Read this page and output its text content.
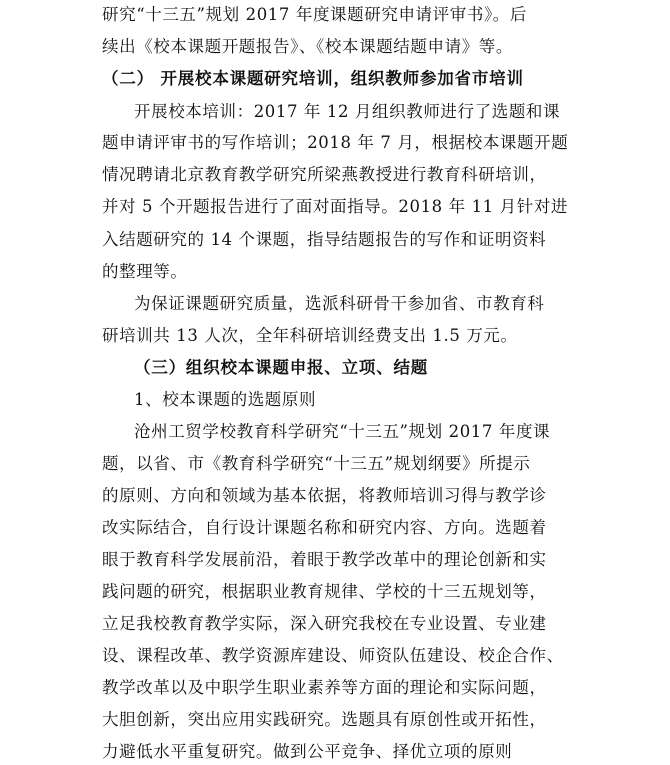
研究“十三五”规划 2017 年度课题研究申请评审书》。后
续出《校本课题开题报告》、《校本课题结题申请》等。
（二） 开展校本课题研究培训，组织教师参加省市培训
开展校本培训：2017 年 12 月组织教师进行了选题和课
题申请评审书的写作培训；2018 年 7 月，根据校本课题开题
情况聘请北京教育教学研究所梁燕教授进行教育科研培训，
并对 5 个开题报告进行了面对面指导。2018 年 11 月针对进
入结题研究的 14 个课题，指导结题报告的写作和证明资料
的整理等。
为保证课题研究质量，选派科研骨干参加省、市教育科
研培训共 13 人次，全年科研培训经费支出 1.5 万元。
（三）组织校本课题申报、立项、结题
1、校本课题的选题原则
沧州工贸学校教育科学研究“十三五”规划 2017 年度课
题，以省、市《教育科学研究“十三五”规划纲要》所提示
的原则、方向和领域为基本依据，将教师培训习得与教学诊
改实际结合，自行设计课题名称和研究内容、方向。选题着
眼于教育科学发展前沿，着眼于教学改革中的理论创新和实
践问题的研究，根据职业教育规律、学校的十三五规划等，
立足我校教育教学实际，深入研究我校在专业设置、专业建
设、课程改革、教学资源库建设、师资队伍建设、校企合作、
教学改革以及中职学生职业素养等方面的理论和实际问题，
大胆创新，突出应用实践研究。选题具有原创性或开拓性，
力避低水平重复研究。做到公平竞争、择优立项的原则
